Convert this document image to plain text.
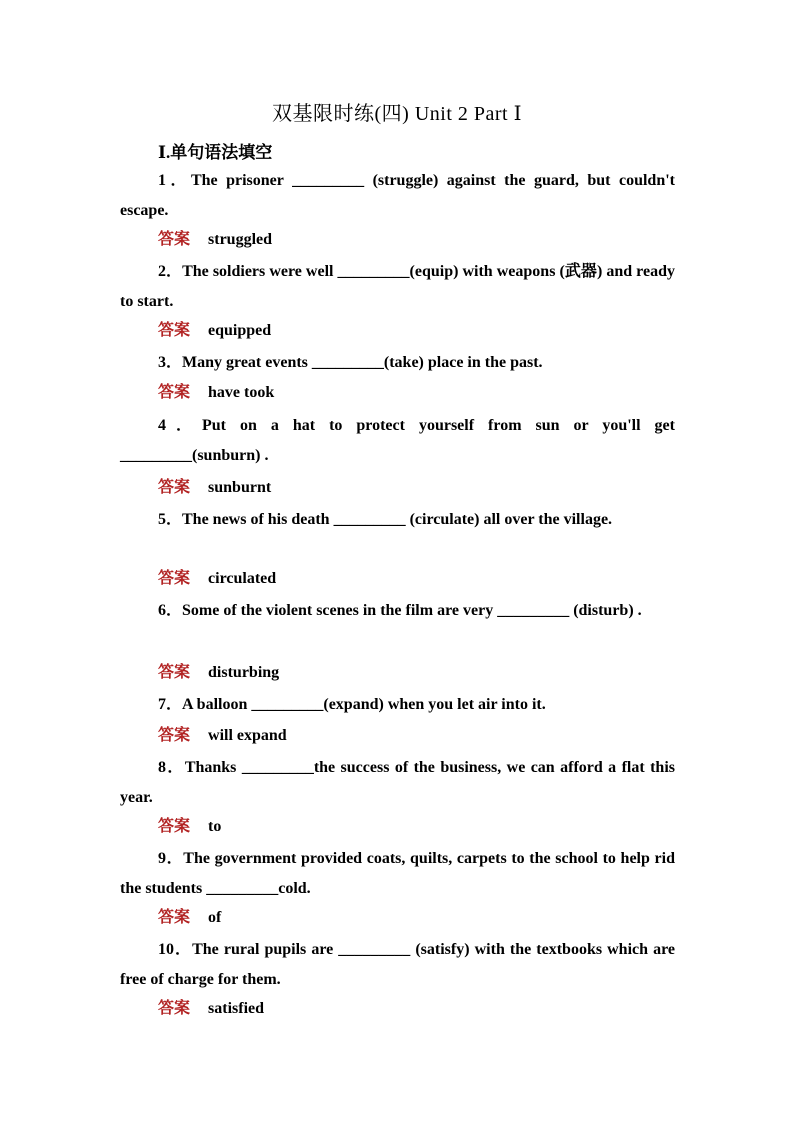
双基限时练(四) Unit 2 Part Ⅰ
Ⅰ.单句语法填空
1．The prisoner _________ (struggle) against the guard, but couldn't escape.
答案 struggled
2．The soldiers were well _________(equip) with weapons (武器) and ready to start.
答案 equipped
3．Many great events _________(take) place in the past.
答案 have took
4．Put on a hat to protect yourself from sun or you'll get _________(sunburn) .
答案 sunburnt
5．The news of his death _________ (circulate) all over the village.
答案 circulated
6．Some of the violent scenes in the film are very _________ (disturb) .
答案 disturbing
7．A balloon _________(expand) when you let air into it.
答案 will expand
8．Thanks _________the success of the business, we can afford a flat this year.
答案 to
9．The government provided coats, quilts, carpets to the school to help rid the students _________cold.
答案 of
10．The rural pupils are _________ (satisfy) with the textbooks which are free of charge for them.
答案 satisfied
